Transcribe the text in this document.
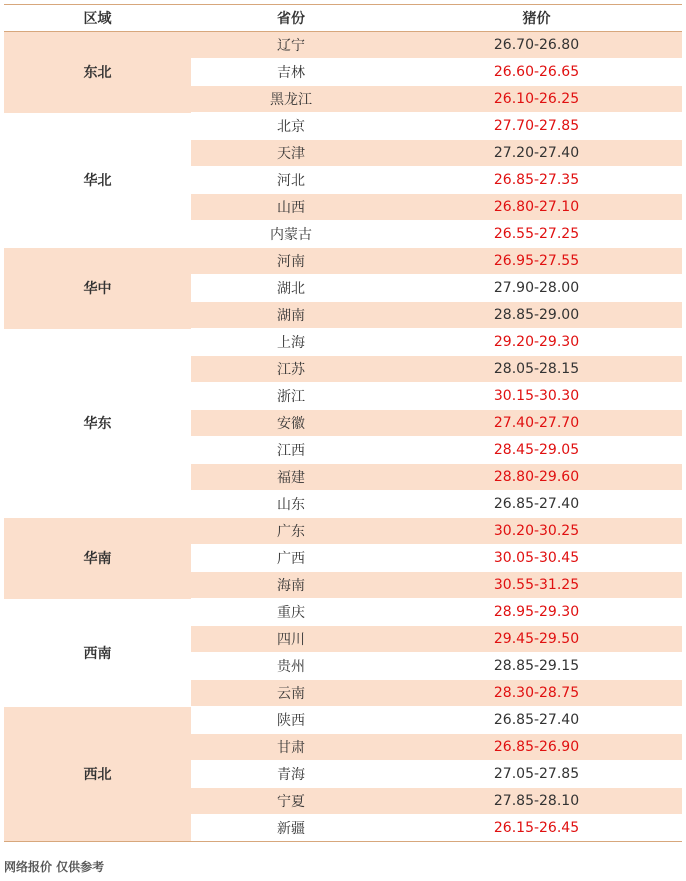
区域	省份	猪价
东北	辽宁	26.70-26.80
	吉林	26.60-26.65
	黑龙江	26.10-26.25
华北	北京	27.70-27.85
	天津	27.20-27.40
	河北	26.85-27.35
	山西	26.80-27.10
	内蒙古	26.55-27.25
华中	河南	26.95-27.55
	湖北	27.90-28.00
	湖南	28.85-29.00
华东	上海	29.20-29.30
	江苏	28.05-28.15
	浙江	30.15-30.30
	安徽	27.40-27.70
	江西	28.45-29.05
	福建	28.80-29.60
	山东	26.85-27.40
华南	广东	30.20-30.25
	广西	30.05-30.45
	海南	30.55-31.25
西南	重庆	28.95-29.30
	四川	29.45-29.50
	贵州	28.85-29.15
	云南	28.30-28.75
西北	陕西	26.85-27.40
	甘肃	26.85-26.90
	青海	27.05-27.85
	宁夏	27.85-28.10
	新疆	26.15-26.45
网络报价 仅供参考
